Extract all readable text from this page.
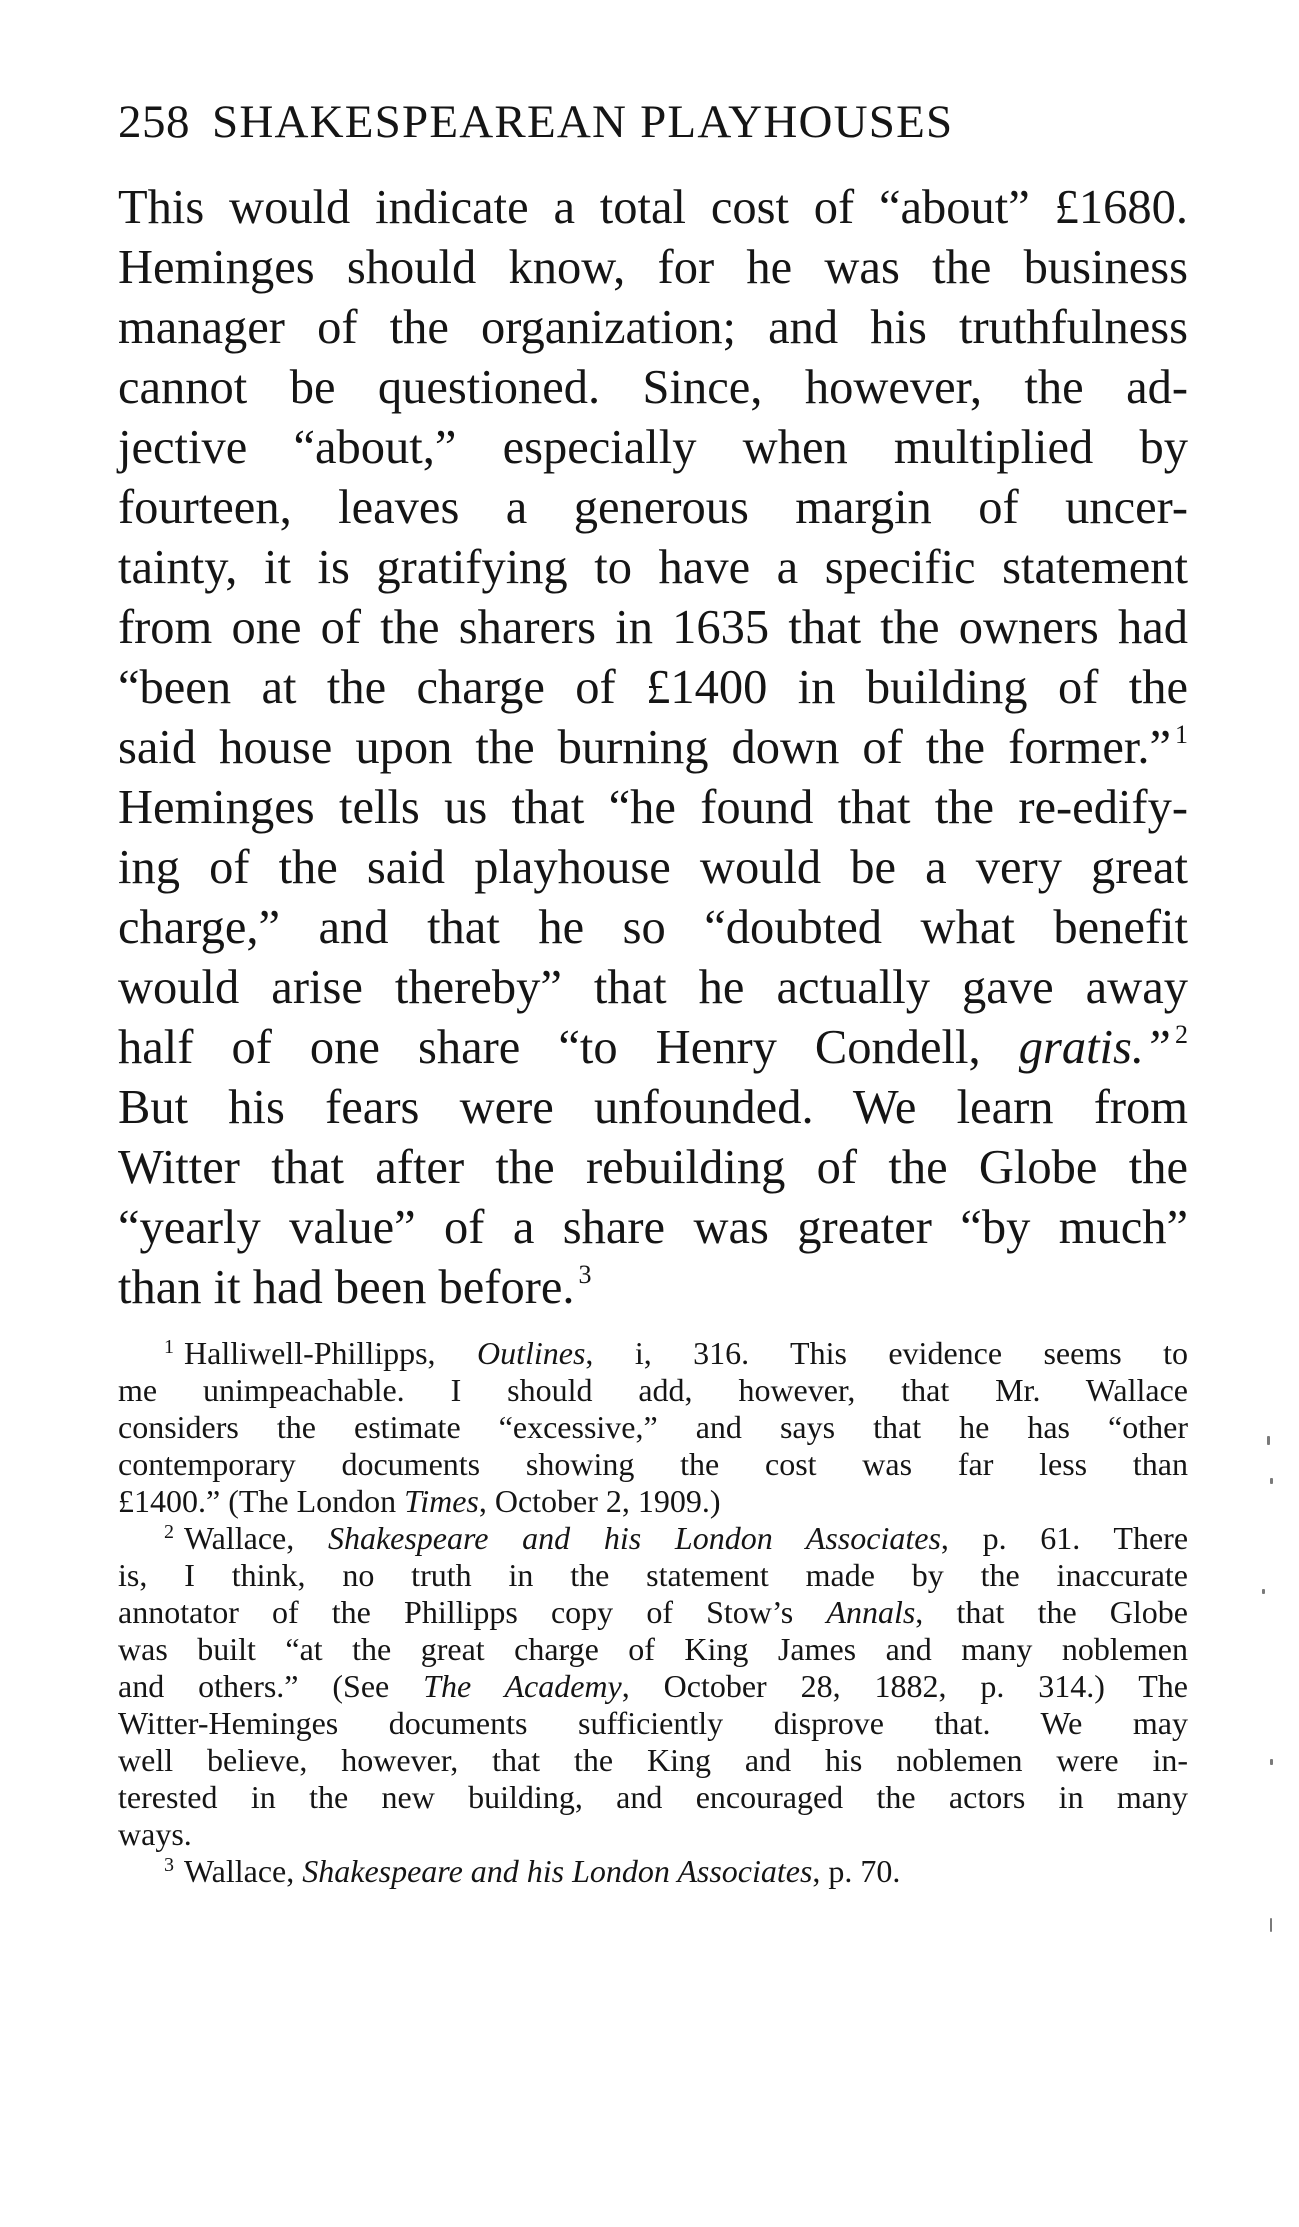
258 SHAKESPEAREAN PLAYHOUSES
This would indicate a total cost of “about” £1680.
Heminges should know, for he was the business
manager of the organization; and his truthfulness
cannot be questioned. Since, however, the ad-
jective “about,” especially when multiplied by
fourteen, leaves a generous margin of uncer-
tainty, it is gratifying to have a specific statement
from one of the sharers in 1635 that the owners had
“been at the charge of £1400 in building of the
said house upon the burning down of the former.” $^1$
Heminges tells us that “he found that the re-edify-
ing of the said playhouse would be a very great
charge,” and that he so “doubted what benefit
would arise thereby” that he actually gave away
half of one share “to Henry Condell, gratis.” $^2$
But his fears were unfounded. We learn from
Witter that after the rebuilding of the Globe the
“yearly value” of a share was greater “by much”
than it had been before. $^3$
$^1$ Halliwell-Phillipps, Outlines, i, 316. This evidence seems to
me unimpeachable. I should add, however, that Mr. Wallace
considers the estimate “excessive,” and says that he has “other
contemporary documents showing the cost was far less than
£1400.” (The London Times, October 2, 1909.)
$^2$ Wallace, Shakespeare and his London Associates, p. 61. There
is, I think, no truth in the statement made by the inaccurate
annotator of the Phillipps copy of Stow’s Annals, that the Globe
was built “at the great charge of King James and many noblemen
and others.” (See The Academy, October 28, 1882, p. 314.) The
Witter-Heminges documents sufficiently disprove that. We may
well believe, however, that the King and his noblemen were in-
terested in the new building, and encouraged the actors in many
ways.
$^3$ Wallace, Shakespeare and his London Associates, p. 70.
